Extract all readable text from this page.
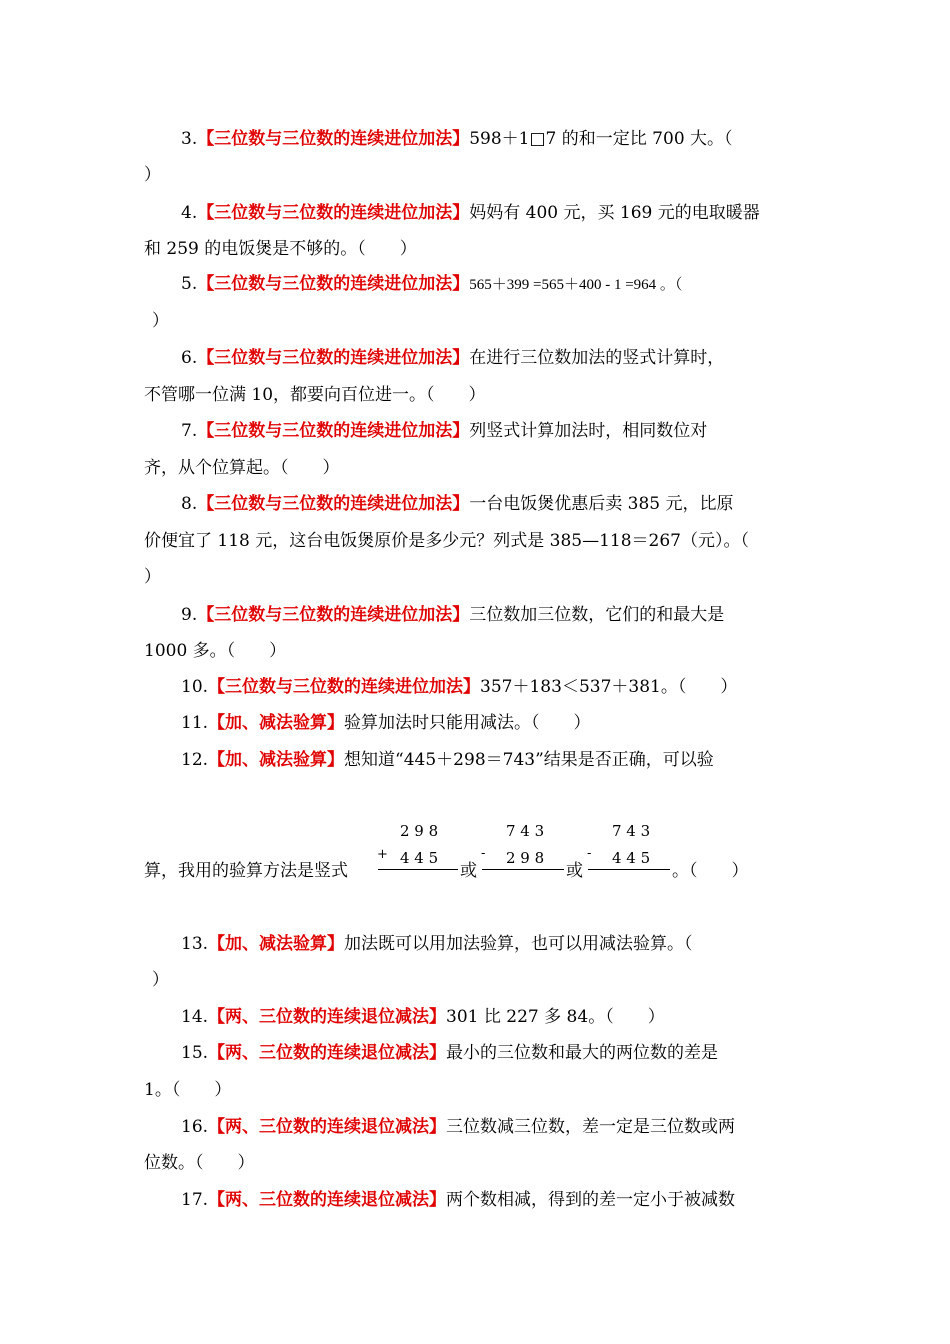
3.【三位数与三位数的连续进位加法】598＋1□7 的和一定比 700 大。（
）
4.【三位数与三位数的连续进位加法】妈妈有 400 元，买 169 元的电取暖器
和 259 的电饭煲是不够的。（　　）
5.【三位数与三位数的连续进位加法】565＋399 =565＋400 - 1 =964 。（
）
6.【三位数与三位数的连续进位加法】在进行三位数加法的竖式计算时，
不管哪一位满 10，都要向百位进一。（　　）
7.【三位数与三位数的连续进位加法】列竖式计算加法时，相同数位对
齐，从个位算起。（　　）
8.【三位数与三位数的连续进位加法】一台电饭煲优惠后卖 385 元，比原
价便宜了 118 元，这台电饭煲原价是多少元？列式是 385—118＝267（元）。（
）
9.【三位数与三位数的连续进位加法】三位数加三位数，它们的和最大是
1000 多。（　　）
10.【三位数与三位数的连续进位加法】357＋183＜537＋381。（　　）
11.【加、减法验算】验算加法时只能用减法。（　　）
12.【加、减法验算】想知道“445＋298＝743”结果是否正确，可以验
算，我用的验算方法是竖式
2 9 8
+ 4 4 5
或
7 4 3
- 2 9 8
或
7 4 3
- 4 4 5
。（　　）
13.【加、减法验算】加法既可以用加法验算，也可以用减法验算。（
）
14.【两、三位数的连续退位减法】301 比 227 多 84。（　　）
15.【两、三位数的连续退位减法】最小的三位数和最大的两位数的差是
1。（　　）
16.【两、三位数的连续退位减法】三位数减三位数，差一定是三位数或两
位数。（　　）
17.【两、三位数的连续退位减法】两个数相减，得到的差一定小于被减数
